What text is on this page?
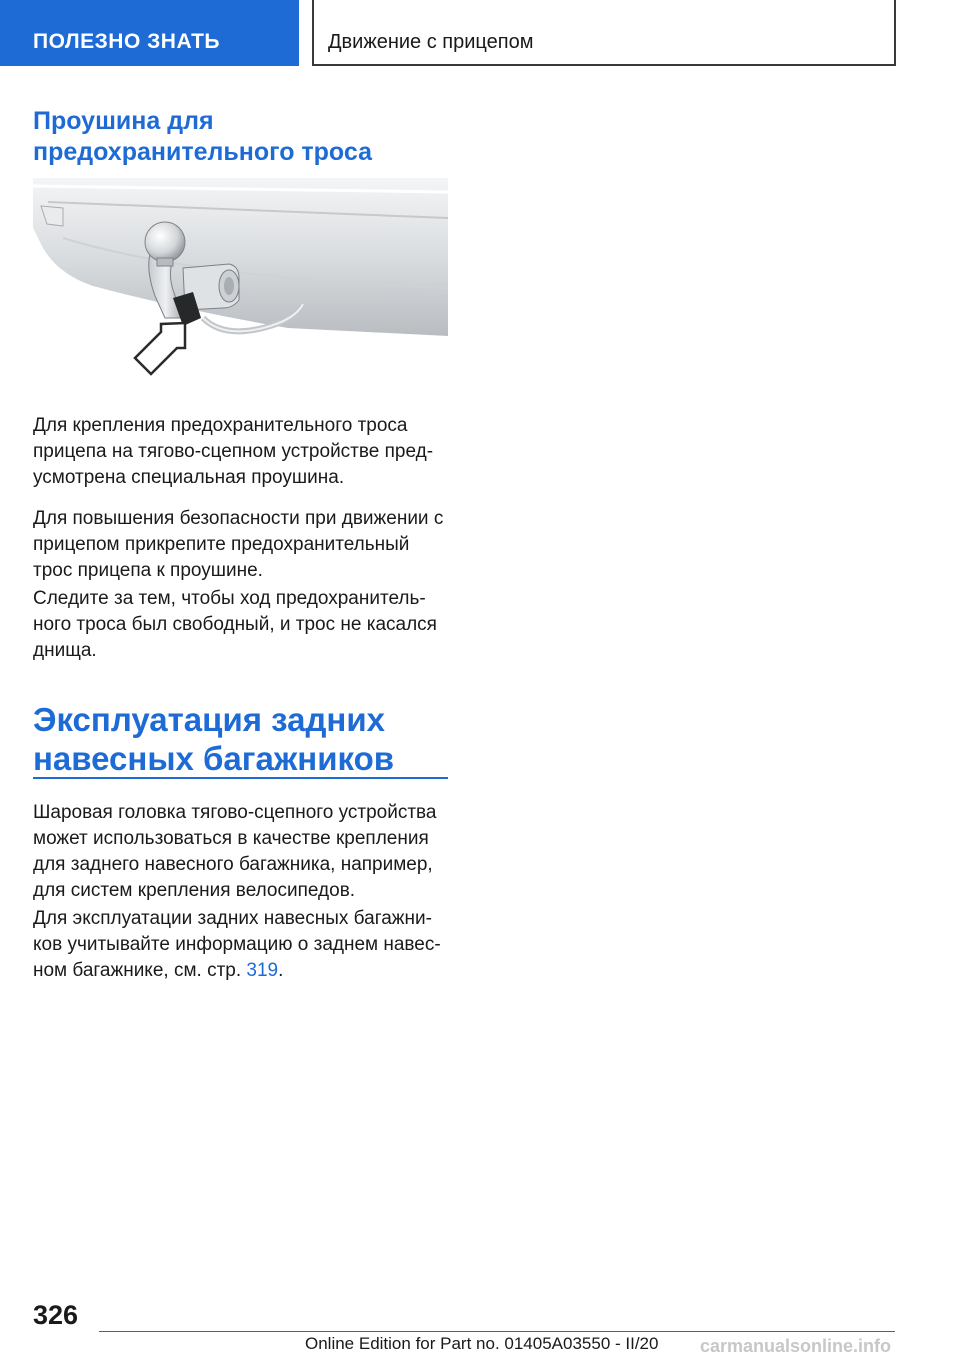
ПОЛЕЗНО ЗНАТЬ	Движение с прицепом
Проушина для
предохранительного троса
Для крепления предохранительного троса
прицепа на тягово-сцепном устройстве пред-
усмотрена специальная проушина.
Для повышения безопасности при движении с
прицепом прикрепите предохранительный
трос прицепа к проушине.
Следите за тем, чтобы ход предохранитель-
ного троса был свободный, и трос не касался
днища.
Эксплуатация задних
навесных багажников
Шаровая головка тягово-сцепного устройства
может использоваться в качестве крепления
для заднего навесного багажника, например,
для систем крепления велосипедов.
Для эксплуатации задних навесных багажни-
ков учитывайте информацию о заднем навес-
ном багажнике, см. стр. 319.
326
Online Edition for Part no. 01405A03550 - II/20 carmanualsonline.info
